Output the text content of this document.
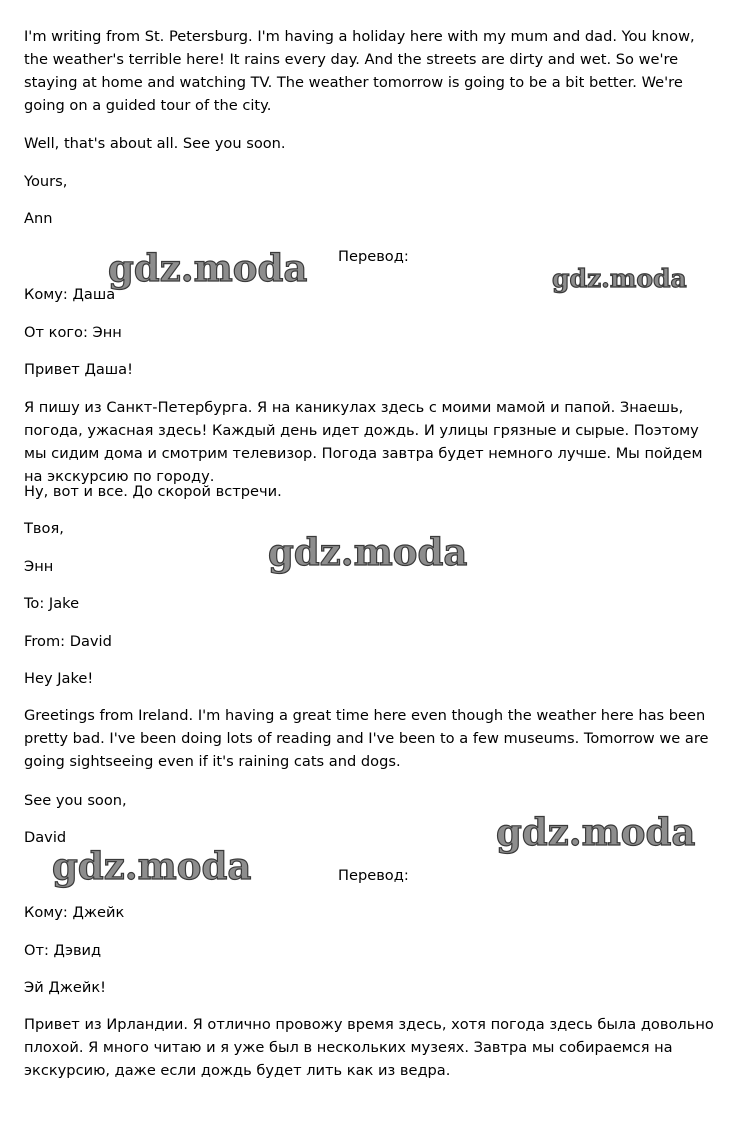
I'm writing from St. Petersburg. I'm having a holiday here with my mum and dad. You know, the weather's terrible here! It rains every day. And the streets are dirty and wet. So we're staying at home and watching TV. The weather tomorrow is going to be a bit better. We're going on a guided tour of the city.

Well, that's about all. See you soon.

Yours,

Ann

gdz.moda Перевод:
gdz.moda

Кому: Даша

От кого: Энн

Привет Даша!

Я пишу из Санкт-Петербурга. Я на каникулах здесь с моими мамой и папой. Знаешь, погода, ужасная здесь! Каждый день идет дождь. И улицы грязные и сырые. Поэтому мы сидим дома и смотрим телевизор. Погода завтра будет немного лучше. Мы пойдем на экскурсию по городу.

Ну, вот и все. До скорой встречи.

Твоя,

gdz.moda

Энн

To: Jake

From: David

Hey Jake!

Greetings from Ireland. I'm having a great time here even though the weather here has been pretty bad. I've been doing lots of reading and I've been to a few museums. Tomorrow we are going sightseeing even if it's raining cats and dogs.

See you soon,

David	gdz.moda
gdz.moda	Перевод:

Кому: Джейк

От: Дэвид

Эй Джейк!

Привет из Ирландии. Я отлично провожу время здесь, хотя погода здесь была довольно плохой. Я много читаю и я уже был в нескольких музеях. Завтра мы собираемся на экскурсию, даже если дождь будет лить как из ведра.
